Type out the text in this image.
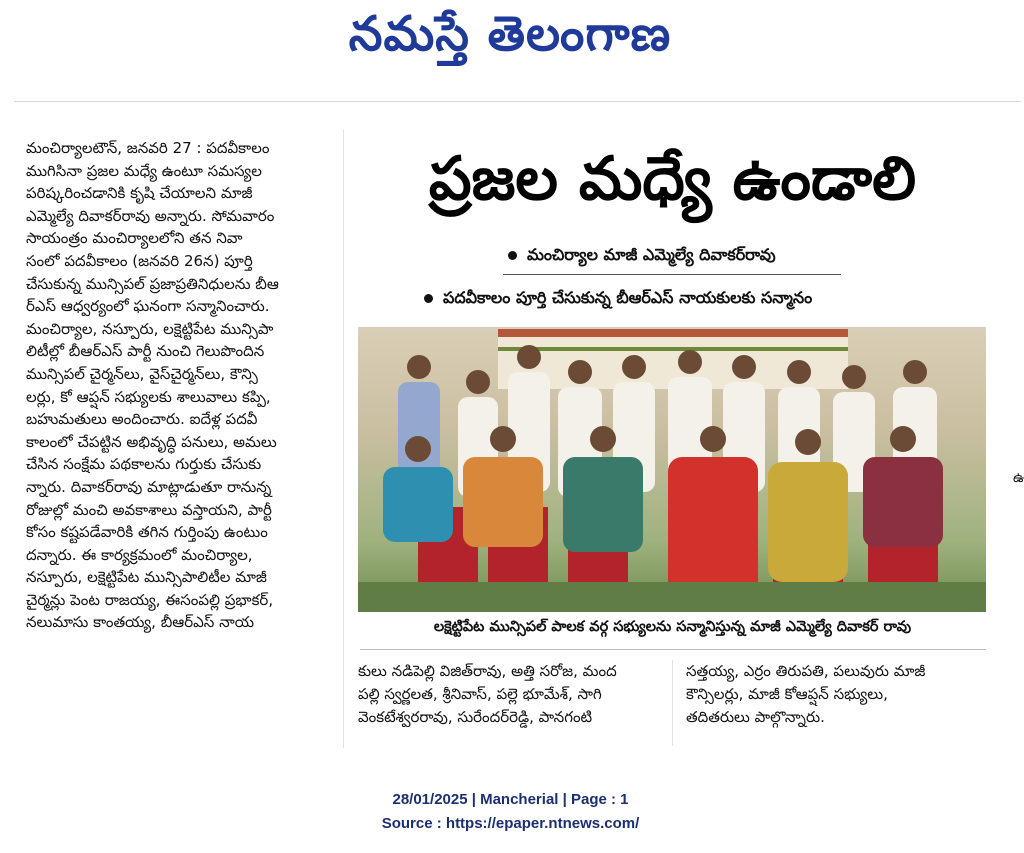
నమస్తే తెలంగాణ

మంచిర్యాలటౌన్, జనవరి 27 : పదవీకాలం

ముగిసినా ప్రజల మధ్యే ఉంటూ సమస్యల

పరిష్కరించడానికి కృషి చేయాలని మాజీ

ఎమ్మెల్యే దివాకర్‌రావు అన్నారు. సోమవారం

సాయంత్రం మంచిర్యాలలోని తన నివా

సంలో పదవీకాలం (జనవరి 26న) పూర్తి

చేసుకున్న మున్సిపల్ ప్రజాప్రతినిధులను బీఆ

ర్‌ఎస్ ఆధ్వర్యంలో ఘనంగా సన్మానించారు.

మంచిర్యాల, నస్పూరు, లక్షెట్టిపేట మున్సిపా

లిటీల్లో బీఆర్‌ఎస్ పార్టీ నుంచి గెలుపొందిన

మున్సిపల్ చైర్మన్‌లు, వైస్‌చైర్మన్‌లు, కౌన్సి

లర్లు, కో ఆప్షన్ సభ్యులకు శాలువాలు కప్పి,

బహుమతులు అందించారు. ఐదేళ్ల పదవీ

కాలంలో చేపట్టిన అభివృద్ధి పనులు, అమలు

చేసిన సంక్షేమ పథకాలను గుర్తుకు చేసుకు

న్నారు. దివాకర్‌రావు మాట్లాడుతూ రానున్న

రోజుల్లో మంచి అవకాశాలు వస్తాయని, పార్టీ

కోసం కష్టపడేవారికి తగిన గుర్తింపు ఉంటుం

దన్నారు. ఈ కార్యక్రమంలో మంచిర్యాల,

నస్పూరు, లక్షెట్టిపేట మున్సిపాలిటీల మాజీ

చైర్మన్లు పెంట రాజయ్య, ఈసంపల్లి ప్రభాకర్,

నలుమాసు కాంతయ్య, బీఆర్‌ఎస్ నాయ

ప్రజల మధ్యే ఉండాలి
మంచిర్యాల మాజీ ఎమ్మెల్యే దివాకర్‌రావు
పదవీకాలం పూర్తి చేసుకున్న బీఆర్‌ఎస్ నాయకులకు సన్మానం
లక్షెట్టిపేట మున్సిపల్ పాలక వర్గ సభ్యులను సన్మానిస్తున్న మాజీ ఎమ్మెల్యే దివాకర్ రావు

కులు నడిపెల్లి విజిత్‌రావు, అత్తి సరోజ, మంద

పల్లి స్వర్ణలత, శ్రీనివాస్, పల్లె భూమేశ్, సాగి

వెంకటేశ్వరరావు, సురేందర్‌రెడ్డి, పానగంటి

సత్తయ్య, ఎర్రం తిరుపతి, పలువురు మాజీ

కౌన్సిలర్లు, మాజీ కోఆప్షన్ సభ్యులు,

తదితరులు పాల్గొన్నారు.

ఉ
28/01/2025 | Mancherial | Page : 1
Source : https://epaper.ntnews.com/
